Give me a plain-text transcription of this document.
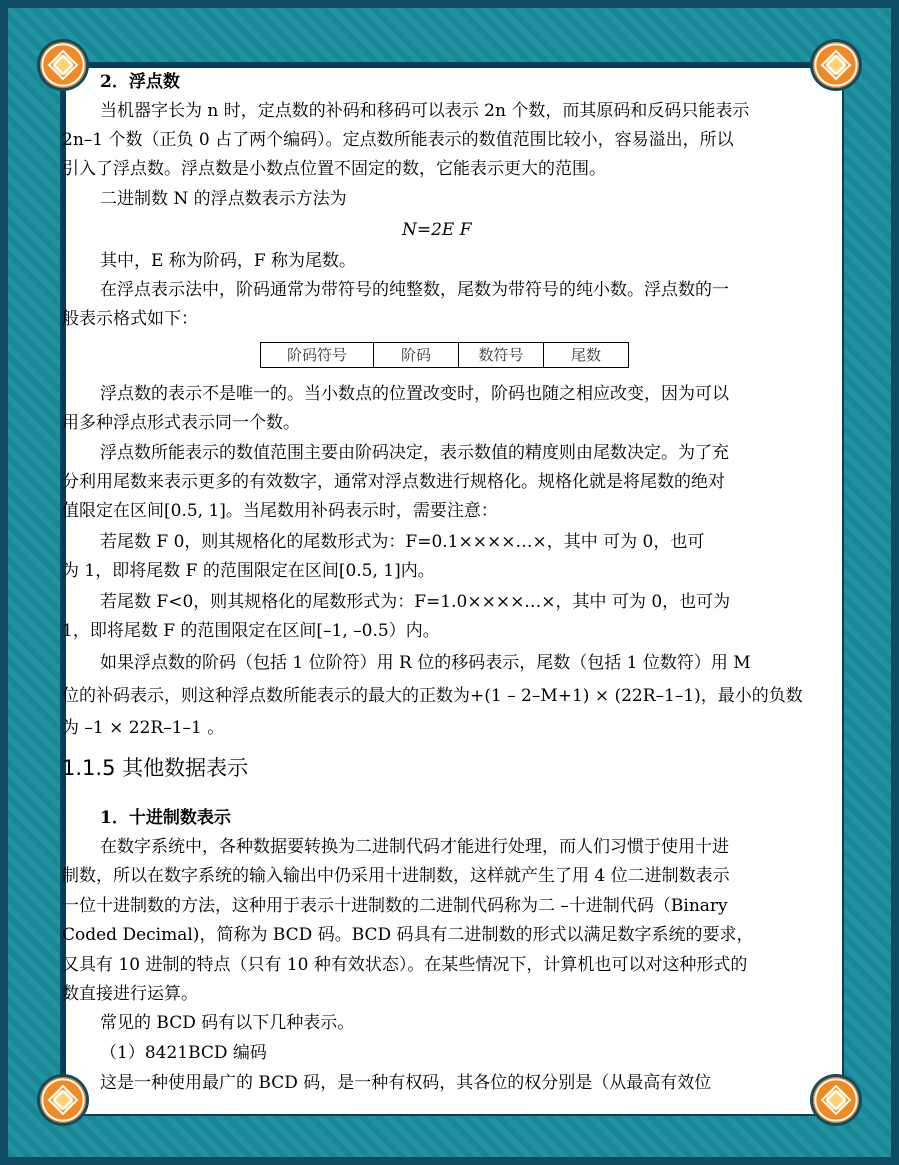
2．浮点数
当机器字长为 n 时，定点数的补码和移码可以表示 2n 个数，而其原码和反码只能表示
2n–1 个数（正负 0 占了两个编码）。定点数所能表示的数值范围比较小，容易溢出，所以
引入了浮点数。浮点数是小数点位置不固定的数，它能表示更大的范围。
二进制数 N 的浮点数表示方法为
N=2E F
其中，E 称为阶码，F 称为尾数。
在浮点表示法中，阶码通常为带符号的纯整数，尾数为带符号的纯小数。浮点数的一
般表示格式如下：
阶码符号	阶码	数符号	尾数
浮点数的表示不是唯一的。当小数点的位置改变时，阶码也随之相应改变，因为可以
用多种浮点形式表示同一个数。
浮点数所能表示的数值范围主要由阶码决定，表示数值的精度则由尾数决定。为了充
分利用尾数来表示更多的有效数字，通常对浮点数进行规格化。规格化就是将尾数的绝对
值限定在区间[0.5, 1]。当尾数用补码表示时，需要注意：
若尾数 F 0，则其规格化的尾数形式为：F=0.1××××…×，其中 可为 0，也可
为 1，即将尾数 F 的范围限定在区间[0.5, 1]内。
若尾数 F<0，则其规格化的尾数形式为：F=1.0××××…×，其中 可为 0，也可为
1，即将尾数 F 的范围限定在区间[–1, –0.5）内。
如果浮点数的阶码（包括 1 位阶符）用 R 位的移码表示，尾数（包括 1 位数符）用 M
位的补码表示，则这种浮点数所能表示的最大的正数为+(1 – 2–M+1) × (22R–1–1)，最小的负数
为 –1 × 22R–1–1 。
1.1.5 其他数据表示
1．十进制数表示
在数字系统中，各种数据要转换为二进制代码才能进行处理，而人们习惯于使用十进
制数，所以在数字系统的输入输出中仍采用十进制数，这样就产生了用 4 位二进制数表示
一位十进制数的方法，这种用于表示十进制数的二进制代码称为二 –十进制代码（Binary
Coded Decimal)，简称为 BCD 码。BCD 码具有二进制数的形式以满足数字系统的要求，
又具有 10 进制的特点（只有 10 种有效状态）。在某些情况下，计算机也可以对这种形式的
数直接进行运算。
常见的 BCD 码有以下几种表示。
（1）8421BCD 编码
这是一种使用最广的 BCD 码，是一种有权码，其各位的权分别是（从最高有效位
